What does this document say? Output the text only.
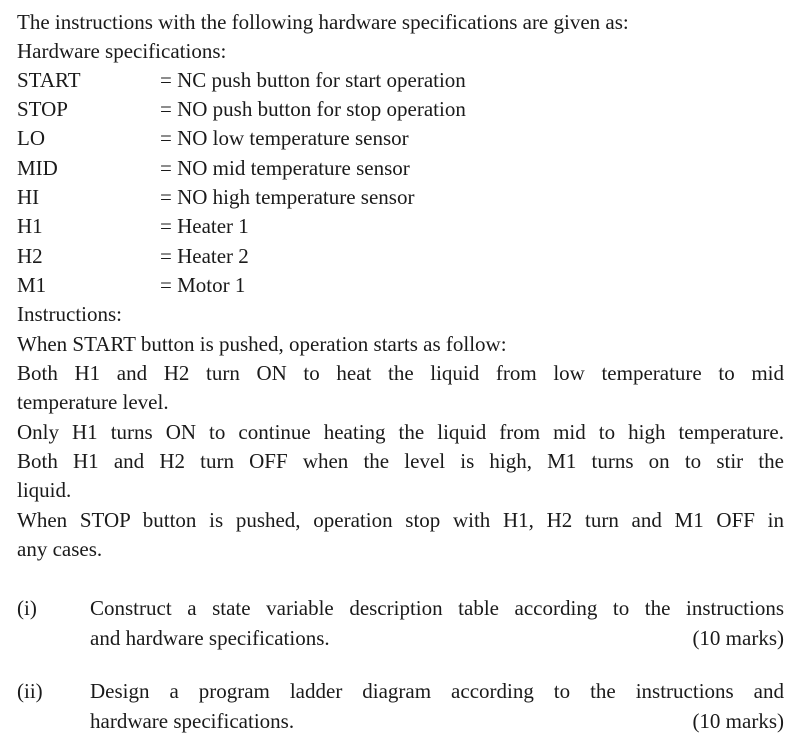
The instructions with the following hardware specifications are given as:
Hardware specifications:
START	= NC push button for start operation
STOP	= NO push button for stop operation
LO	= NO low temperature sensor
MID	= NO mid temperature sensor
HI	= NO high temperature sensor
H1	= Heater 1
H2	= Heater 2
M1	= Motor 1
Instructions:
When START button is pushed, operation starts as follow:
Both H1 and H2 turn ON to heat the liquid from low temperature to mid
temperature level.
Only H1 turns ON to continue heating the liquid from mid to high temperature.
Both H1 and H2 turn OFF when the level is high, M1 turns on to stir the
liquid.
When STOP button is pushed, operation stop with H1, H2 turn and M1 OFF in
any cases.
(i)	Construct a state variable description table according to the instructions
and hardware specifications.	(10 marks)
(ii) Design a program ladder diagram according to the instructions and
hardware specifications.	(10 marks)
